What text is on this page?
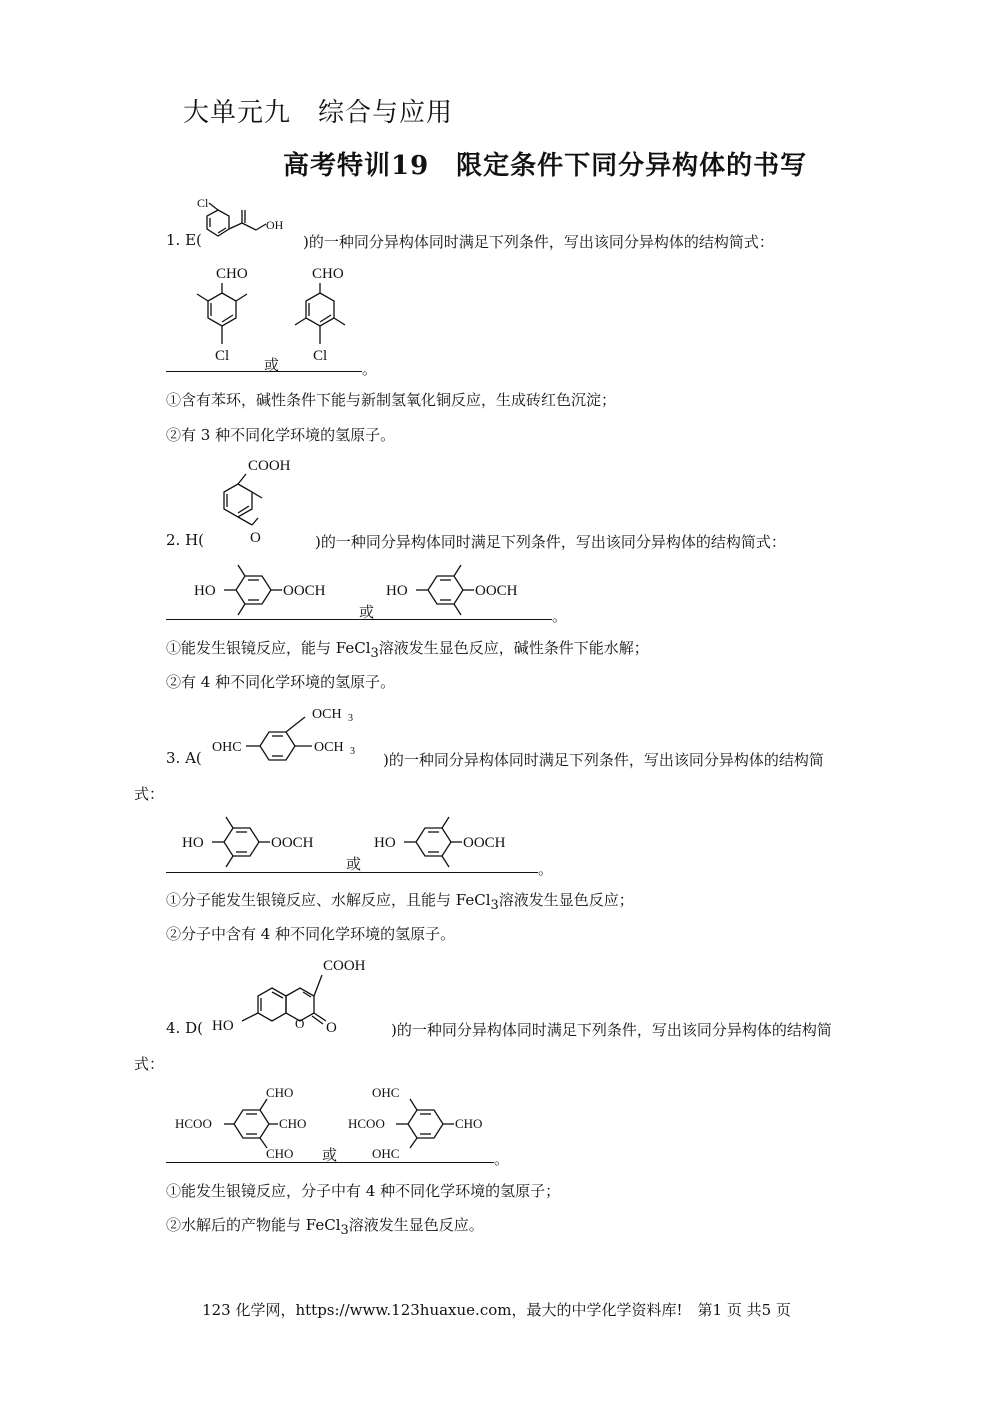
大单元九　综合与应用
高考特训19　限定条件下同分异构体的书写
1. E(
Cl
OH
)的一种同分异构体同时满足下列条件，写出该同分异构体的结构简式：
CHO
Cl
或
CHO
Cl
。
①含有苯环，碱性条件下能与新制氢氧化铜反应，生成砖红色沉淀；
②有 3 种不同化学环境的氢原子。
2. H(
COOH
O	)的一种同分异构体同时满足下列条件，写出该同分异构体的结构简式：
HO	OOCH
或
HO	OOCH
。
①能发生银镜反应，能与 FeCl$_3$溶液发生显色反应，碱性条件下能水解；
②有 4 种不同化学环境的氢原子。
3. A(
OCH 3
OHC	OCH 3 )的一种同分异构体同时满足下列条件，写出该同分异构体的结构简
式：
HO	OOCH
或
HO	OOCH
。
①分子能发生银镜反应、水解反应，且能与 FeCl$_3$溶液发生显色反应；
②分子中含有 4 种不同化学环境的氢原子。
4. D(
COOH
O O
HO	)的一种同分异构体同时满足下列条件，写出该同分异构体的结构简
式：
CHO
HCOO	CHO
CHO 或
OHC
HCOO	CHO
OHC	。
①能发生银镜反应，分子中有 4 种不同化学环境的氢原子；
②水解后的产物能与 FeCl$_3$溶液发生显色反应。
123 化学网，https://www.123huaxue.com，最大的中学化学资料库!　第1 页 共5 页
